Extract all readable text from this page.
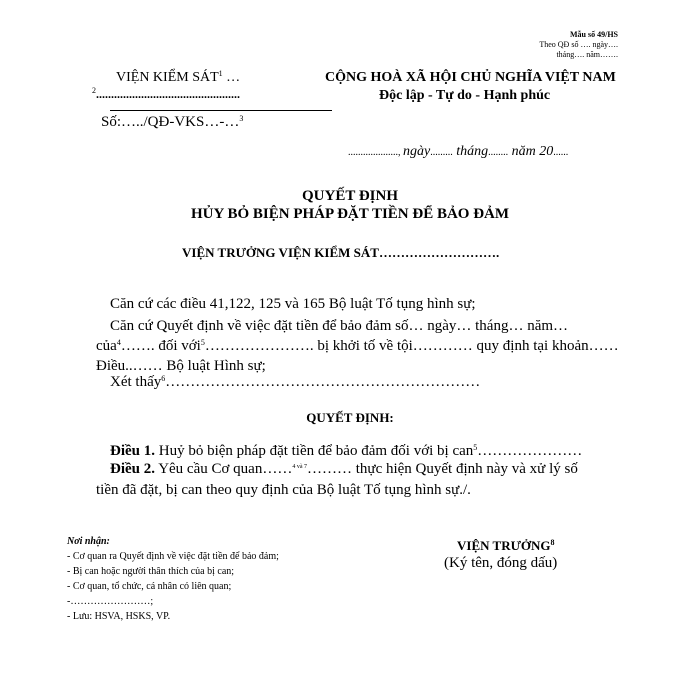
Mẫu số 49/HS
Theo QĐ số …. ngày….
tháng…. năm…….
VIỆN KIỂM SÁT$^1$ …
$^2$................................................
Số:…../QĐ-VKS…-…$^3$
CỘNG HOÀ XÃ HỘI CHỦ NGHĨA VIỆT NAM
Độc lập - Tự do - Hạnh phúc
...................., ngày......... tháng........ năm 20......
QUYẾT ĐỊNH
HỦY BỎ BIỆN PHÁP ĐẶT TIỀN ĐỂ BẢO ĐẢM
VIỆN TRƯỞNG VIỆN KIỂM SÁT……………………….
Căn cứ các điều 41,122, 125 và 165 Bộ luật Tố tụng hình sự;
Căn cứ Quyết định về việc đặt tiền để bảo đảm số… ngày… tháng… năm…
của$^4$……. đối với$^5$…………………. bị khởi tố về tội………… quy định tại khoản……
Điều..…… Bộ luật Hình sự;
Xét thấy$^6$………………………………………………………
QUYẾT ĐỊNH:
Điều 1. Huỷ bỏ biện pháp đặt tiền để bảo đảm đối với bị can$^5$…………………
Điều 2. Yêu cầu Cơ quan……$^{4 và 7}$……… thực hiện Quyết định này và xử lý số
tiền đã đặt, bị can theo quy định của Bộ luật Tố tụng hình sự./.
Nơi nhận:
- Cơ quan ra Quyết định về việc đặt tiền để bảo đảm;
- Bị can hoặc người thân thích của bị can;
- Cơ quan, tổ chức, cá nhân có liên quan;
-……………………;
- Lưu: HSVA, HSKS, VP.
VIỆN TRƯỞNG$^8$
(Ký tên, đóng dấu)
